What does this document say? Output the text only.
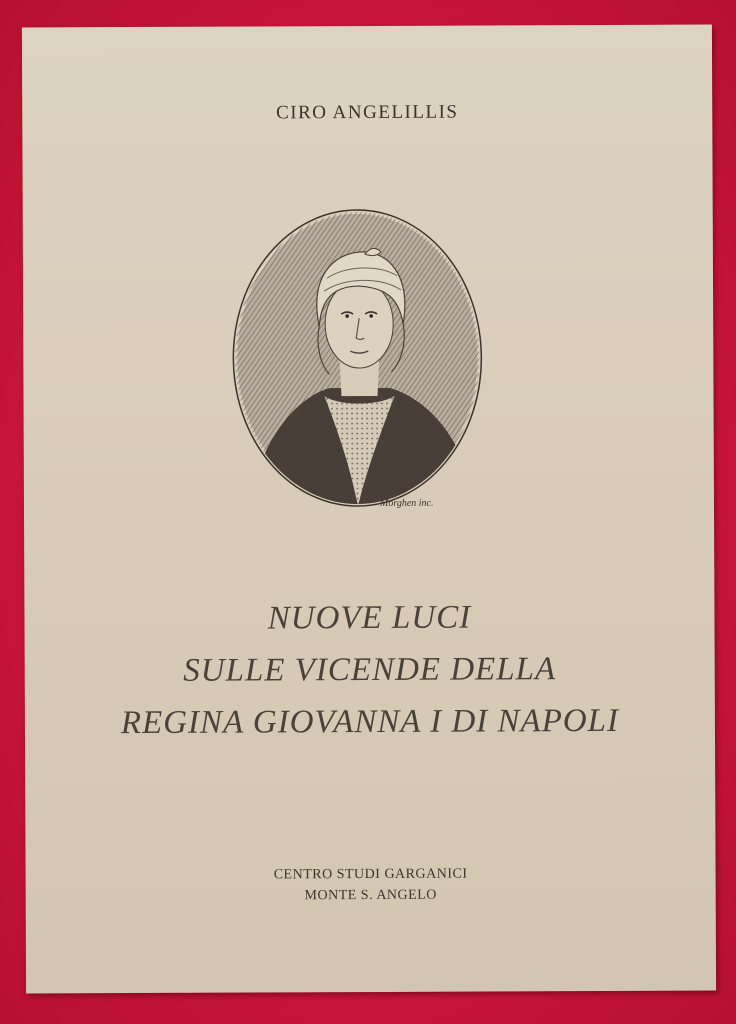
CIRO ANGELILLIS
Morghen inc.
NUOVE LUCI
SULLE VICENDE DELLA
REGINA GIOVANNA I DI NAPOLI
CENTRO STUDI GARGANICI
MONTE S. ANGELO
